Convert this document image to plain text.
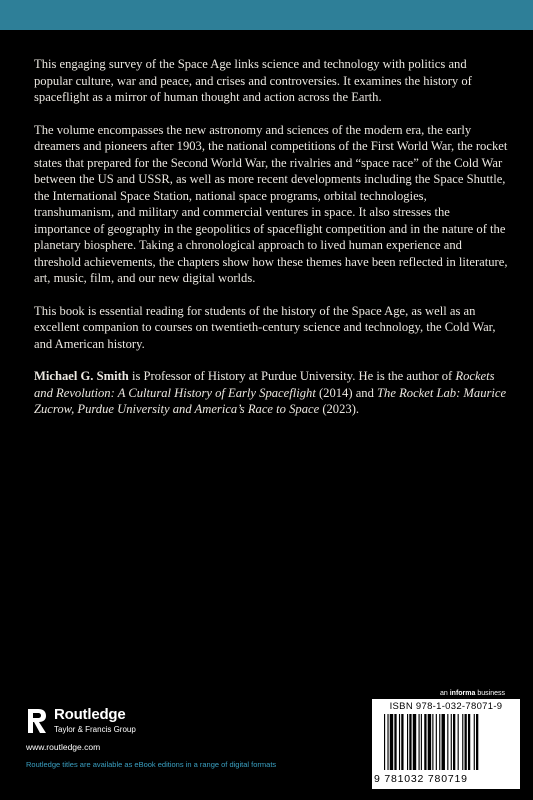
This engaging survey of the Space Age links science and technology with politics and popular culture, war and peace, and crises and controversies. It examines the history of spaceflight as a mirror of human thought and action across the Earth.

The volume encompasses the new astronomy and sciences of the modern era, the early dreamers and pioneers after 1903, the national competitions of the First World War, the rocket states that prepared for the Second World War, the rivalries and “space race” of the Cold War between the US and USSR, as well as more recent developments including the Space Shuttle, the International Space Station, national space programs, orbital technologies, transhumanism, and military and commercial ventures in space. It also stresses the importance of geography in the geopolitics of spaceflight competition and in the nature of the planetary biosphere. Taking a chronological approach to lived human experience and threshold achievements, the chapters show how these themes have been reflected in literature, art, music, film, and our new digital worlds.

This book is essential reading for students of the history of the Space Age, as well as an excellent companion to courses on twentieth-century science and technology, the Cold War, and American history.

Michael G. Smith is Professor of History at Purdue University. He is the author of Rockets and Revolution: A Cultural History of Early Spaceflight (2014) and The Rocket Lab: Maurice Zucrow, Purdue University and America’s Race to Space (2023).

Routledge
Taylor & Francis Group
www.routledge.com
Routledge titles are available as eBook editions in a range of digital formats
an informa business
ISBN 978-1-032-78071-9
9 781032 780719
